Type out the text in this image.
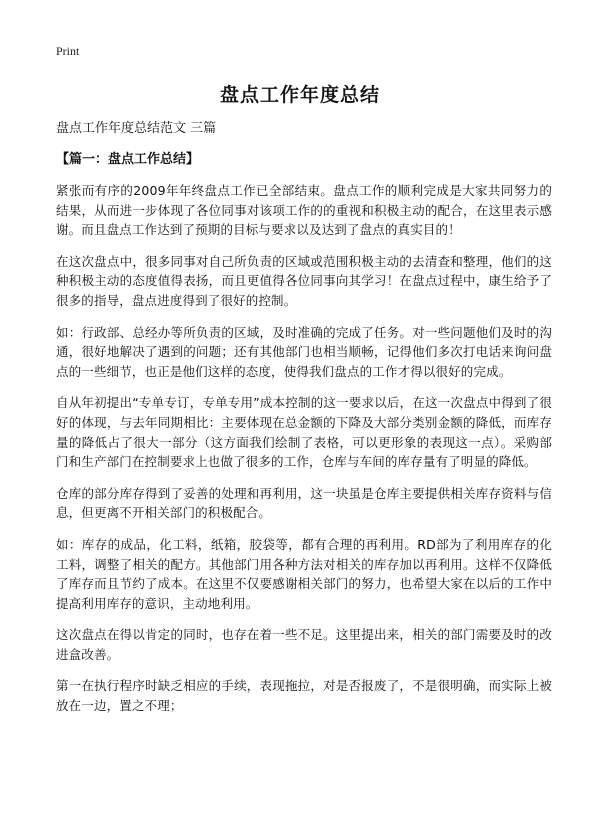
Print
盘点工作年度总结

盘点工作年度总结范文 三篇

【篇一：盘点工作总结】

紧张而有序的2009年年终盘点工作已全部结束。盘点工作的顺利完成是大家共同努力的结果，从而进一步体现了各位同事对该项工作的的重视和积极主动的配合，在这里表示感谢。而且盘点工作达到了预期的目标与要求以及达到了盘点的真实目的！

在这次盘点中，很多同事对自己所负责的区域或范围积极主动的去清查和整理，他们的这种积极主动的态度值得表扬，而且更值得各位同事向其学习！在盘点过程中，康生给予了很多的指导，盘点进度得到了很好的控制。

如：行政部、总经办等所负责的区域，及时准确的完成了任务。对一些问题他们及时的沟通，很好地解决了遇到的问题；还有其他部门也相当顺畅，记得他们多次打电话来询问盘点的一些细节，也正是他们这样的态度，使得我们盘点的工作才得以很好的完成。

自从年初提出“专单专订，专单专用”成本控制的这一要求以后，在这一次盘点中得到了很好的体现，与去年同期相比：主要体现在总金额的下降及大部分类别金额的降低，而库存量的降低占了很大一部分（这方面我们绘制了表格，可以更形象的表现这一点）。采购部门和生产部门在控制要求上也做了很多的工作，仓库与车间的库存量有了明显的降低。

仓库的部分库存得到了妥善的处理和再利用，这一块虽是仓库主要提供相关库存资料与信息，但更离不开相关部门的积极配合。

如：库存的成品，化工料，纸箱，胶袋等，都有合理的再利用。RD部为了利用库存的化工料，调整了相关的配方。其他部门用各种方法对相关的库存加以再利用。这样不仅降低了库存而且节约了成本。在这里不仅要感谢相关部门的努力，也希望大家在以后的工作中提高利用库存的意识，主动地利用。

这次盘点在得以肯定的同时，也存在着一些不足。这里提出来，相关的部门需要及时的改进盒改善。

第一在执行程序时缺乏相应的手续，表现拖拉，对是否报废了，不是很明确，而实际上被放在一边，置之不理；
